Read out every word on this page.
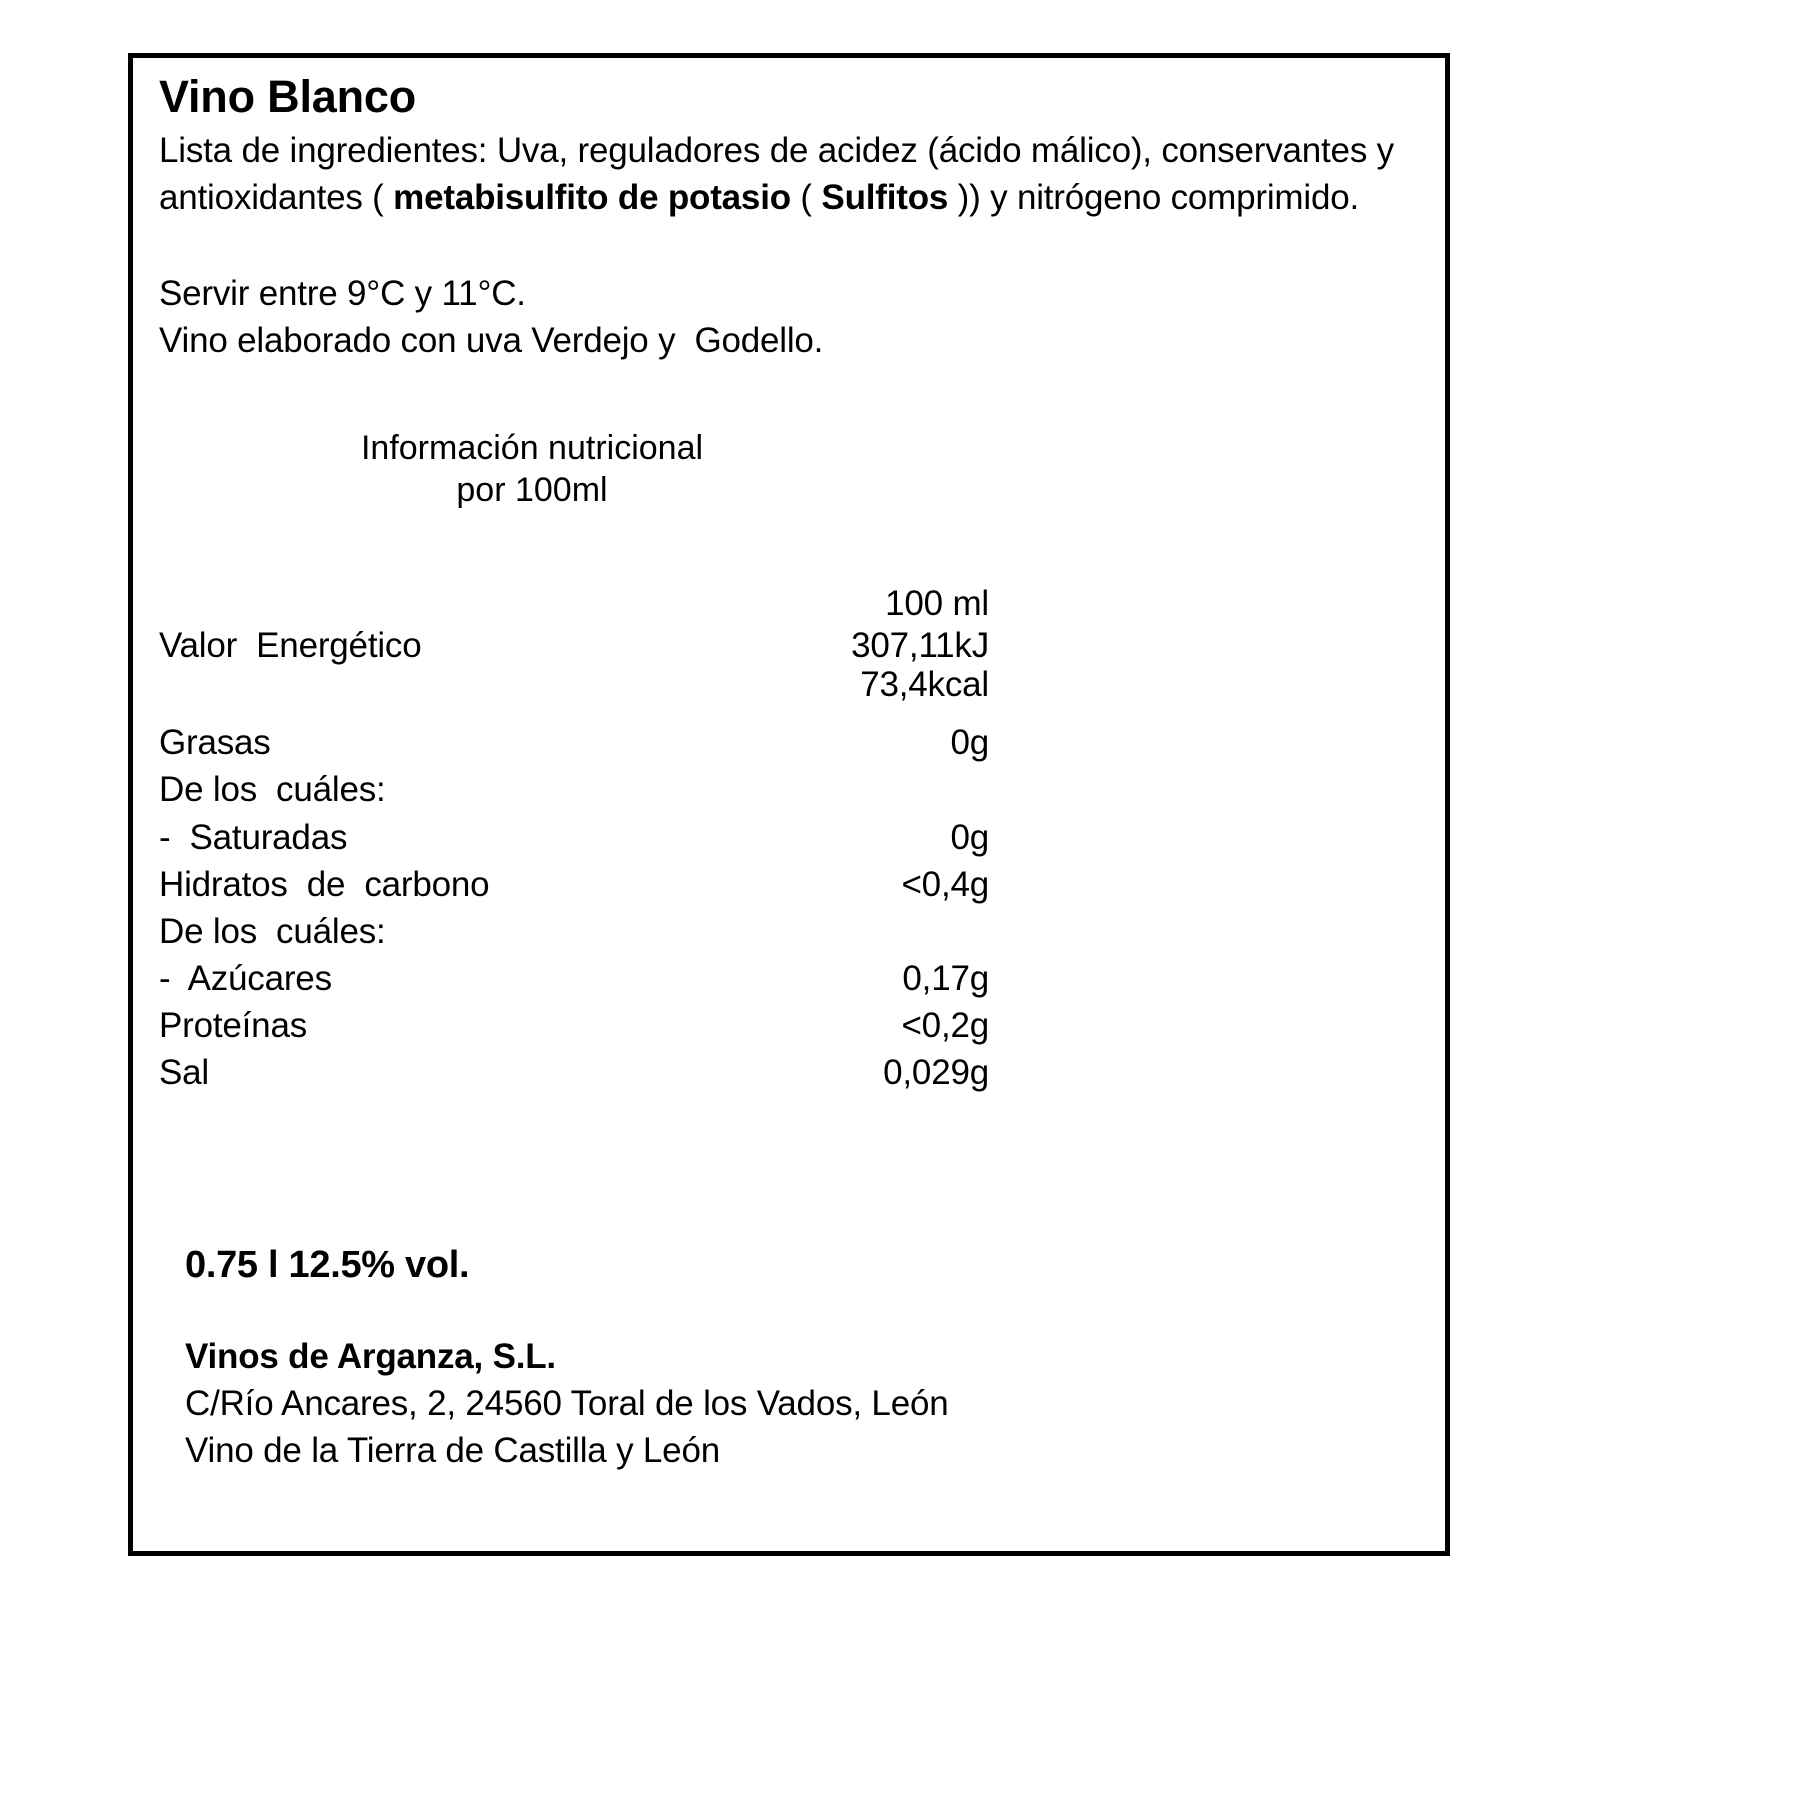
Vino Blanco
Lista de ingredientes: Uva, reguladores de acidez (ácido málico), conservantes y antioxidantes ( metabisulfito de potasio ( Sulfitos )) y nitrógeno comprimido.
Servir entre 9°C y 11°C.
Vino elaborado con uva Verdejo y  Godello.
Información nutricional
por 100ml
	100 ml
Valor  Energético	307,11kJ
	73,4kcal
Grasas	0g
De los  cuáles:	
-  Saturadas	0g
Hidratos  de  carbono	<0,4g
De los  cuáles:	
-  Azúcares	0,17g
Proteínas	<0,2g
Sal	0,029g
0.75 l 12.5% vol.
Vinos de Arganza, S.L.
C/Río Ancares, 2, 24560 Toral de los Vados, León
Vino de la Tierra de Castilla y León
